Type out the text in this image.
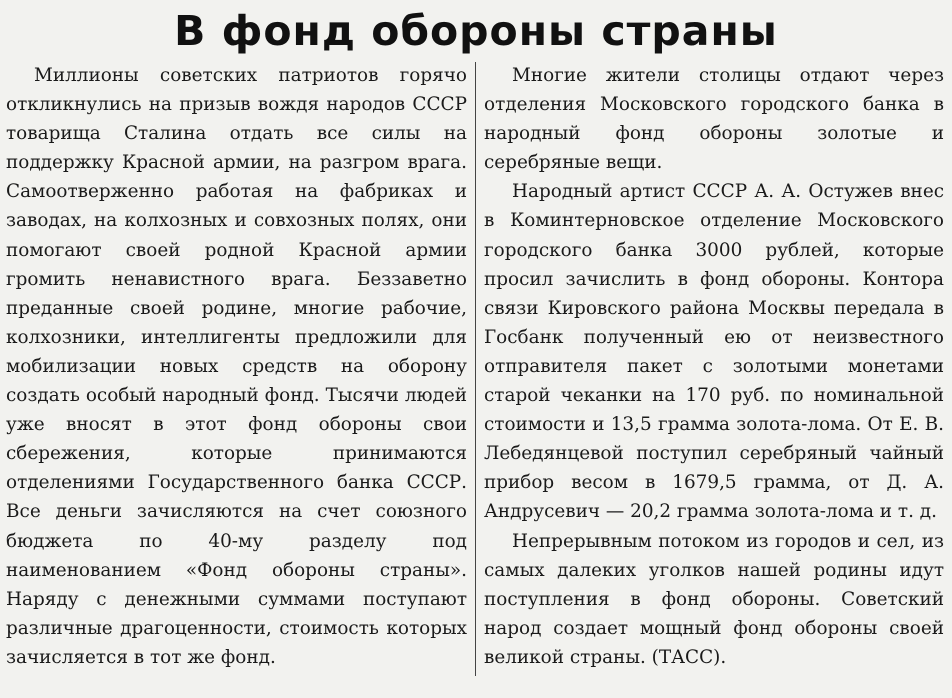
В фонд обороны страны

Миллионы советских патриотов горячо откликнулись на призыв вождя народов СССР товарища Сталина отдать все силы на поддержку Красной армии, на разгром врага. Самоотверженно работая на фабриках и заводах, на колхозных и совхозных полях, они помогают своей родной Красной армии громить ненавистного врага. Беззаветно преданные своей родине, многие рабочие, колхозники, интеллигенты предложили для мобилизации новых средств на оборону создать особый народный фонд. Тысячи людей уже вносят в этот фонд обороны свои сбережения, которые принимаются отделениями Государственного банка СССР. Все деньги зачисляются на счет союзного бюджета по 40-му разделу под наименованием «Фонд обороны страны». Наряду с денежными суммами поступают различные драгоценности, стоимость которых зачисляется в тот же фонд.

Многие жители столицы отдают через отделения Московского городского банка в народный фонд обороны золотые и серебряные вещи.

Народный артист СССР А. А. Остужев внес в Коминтерновское отделение Московского городского банка 3000 рублей, которые просил зачислить в фонд обороны. Контора связи Кировского района Москвы передала в Госбанк полученный ею от неизвестного отправителя пакет с золотыми монетами старой чеканки на 170 руб. по номинальной стоимости и 13,5 грамма золота-лома. От Е. В. Лебедянцевой поступил серебряный чайный прибор весом в 1679,5 грамма, от Д. А. Андрусевич — 20,2 грамма золота-лома и т. д.

Непрерывным потоком из городов и сел, из самых далеких уголков нашей родины идут поступления в фонд обороны. Советский народ создает мощный фонд обороны своей великой страны. (ТАСС).
